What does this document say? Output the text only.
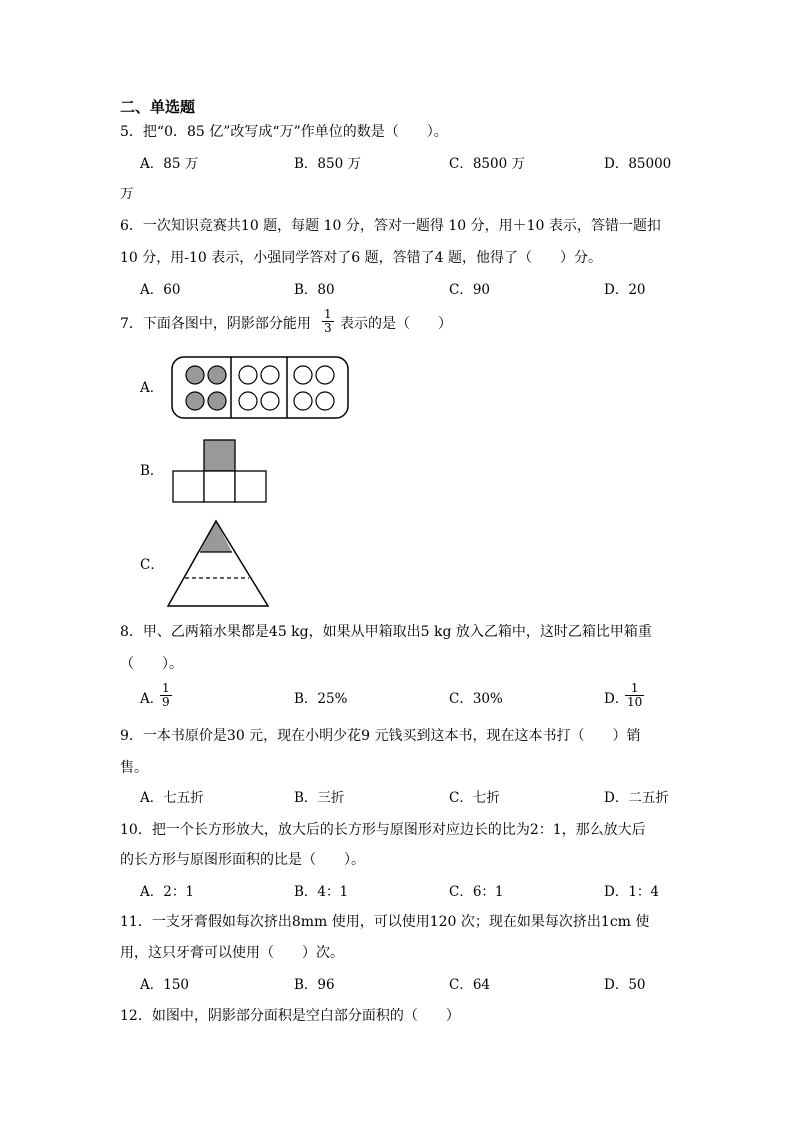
二、单选题
5．把“0．85 亿”改写成“万”作单位的数是（　　）。
A．85 万	B．850 万	C．8500 万	D．85000
万
6．一次知识竞赛共10 题，每题 10 分，答对一题得 10 分，用＋10 表示，答错一题扣
10 分，用-10 表示，小强同学答对了6 题，答错了4 题，他得了（　　）分。
A．60	B．80	C．90	D．20
7．下面各图中，阴影部分能用
1
3 表示的是（　　）
A．
B．
C．
8．甲、乙两箱水果都是45 kg，如果从甲箱取出5 kg 放入乙箱中，这时乙箱比甲箱重
（　　）。
A．
1
9	B．25%	C．30%	D．
1
10
9．一本书原价是30 元，现在小明少花9 元钱买到这本书，现在这本书打（　　）销
售。
A．七五折	B．三折	C．七折	D．二五折
10．把一个长方形放大，放大后的长方形与原图形对应边长的比为2：1，那么放大后
的长方形与原图形面积的比是（　　）。
A．2：1	B．4：1	C．6：1	D．1：4
11．一支牙膏假如每次挤出8mm 使用，可以使用120 次；现在如果每次挤出1cm 使
用，这只牙膏可以使用（　　）次。
A．150	B．96	C．64	D．50
12．如图中，阴影部分面积是空白部分面积的（　　）
